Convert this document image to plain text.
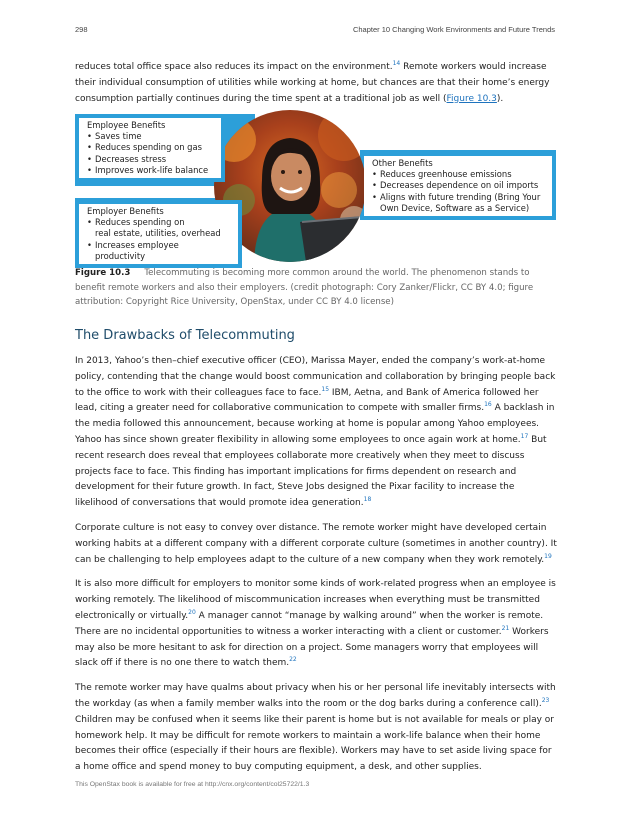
298	Chapter 10 Changing Work Environments and Future Trends

reduces total office space also reduces its impact on the environment.$^{14}$ Remote workers would increase their individual consumption of utilities while working at home, but chances are that their home’s energy consumption partially continues during the time spent at a traditional job as well (Figure 10.3).

Employee Benefits

• Saves time
• Reduces spending on gas
• Decreases stress
• Improves work-life balance

Other Benefits

• Reduces greenhouse emissions
• Decreases dependence on oil imports
• Aligns with future trending (Bring Your
Own Device, Software as a Service)

Employer Benefits

• Reduces spending on
real estate, utilities, overhead
• Increases employee productivity
Figure 10.3 Telecommuting is becoming more common around the world. The phenomenon stands to benefit remote workers and also their employers. (credit photograph: Cory Zanker/Flickr, CC BY 4.0; figure attribution: Copyright Rice University, OpenStax, under CC BY 4.0 license)
The Drawbacks of Telecommuting

In 2013, Yahoo’s then–chief executive officer (CEO), Marissa Mayer, ended the company’s work-at-home policy, contending that the change would boost communication and collaboration by bringing people back to the office to work with their colleagues face to face.$^{15}$ IBM, Aetna, and Bank of America followed her lead, citing a greater need for collaborative communication to compete with smaller firms.$^{16}$ A backlash in the media followed this announcement, because working at home is popular among Yahoo employees. Yahoo has since shown greater flexibility in allowing some employees to once again work at home.$^{17}$ But recent research does reveal that employees collaborate more creatively when they meet to discuss projects face to face. This finding has important implications for firms dependent on research and development for their future growth. In fact, Steve Jobs designed the Pixar facility to increase the likelihood of conversations that would promote idea generation.$^{18}$

Corporate culture is not easy to convey over distance. The remote worker might have developed certain working habits at a different company with a different corporate culture (sometimes in another country). It can be challenging to help employees adapt to the culture of a new company when they work remotely.$^{19}$

It is also more difficult for employers to monitor some kinds of work-related progress when an employee is working remotely. The likelihood of miscommunication increases when everything must be transmitted electronically or virtually.$^{20}$ A manager cannot “manage by walking around” when the worker is remote. There are no incidental opportunities to witness a worker interacting with a client or customer.$^{21}$ Workers may also be more hesitant to ask for direction on a project. Some managers worry that employees will slack off if there is no one there to watch them.$^{22}$

The remote worker may have qualms about privacy when his or her personal life inevitably intersects with the workday (as when a family member walks into the room or the dog barks during a conference call).$^{23}$ Children may be confused when it seems like their parent is home but is not available for meals or play or homework help. It may be difficult for remote workers to maintain a work-life balance when their home becomes their office (especially if their hours are flexible). Workers may have to set aside living space for a home office and spend money to buy computing equipment, a desk, and other supplies.

This OpenStax book is available for free at http://cnx.org/content/col25722/1.3
